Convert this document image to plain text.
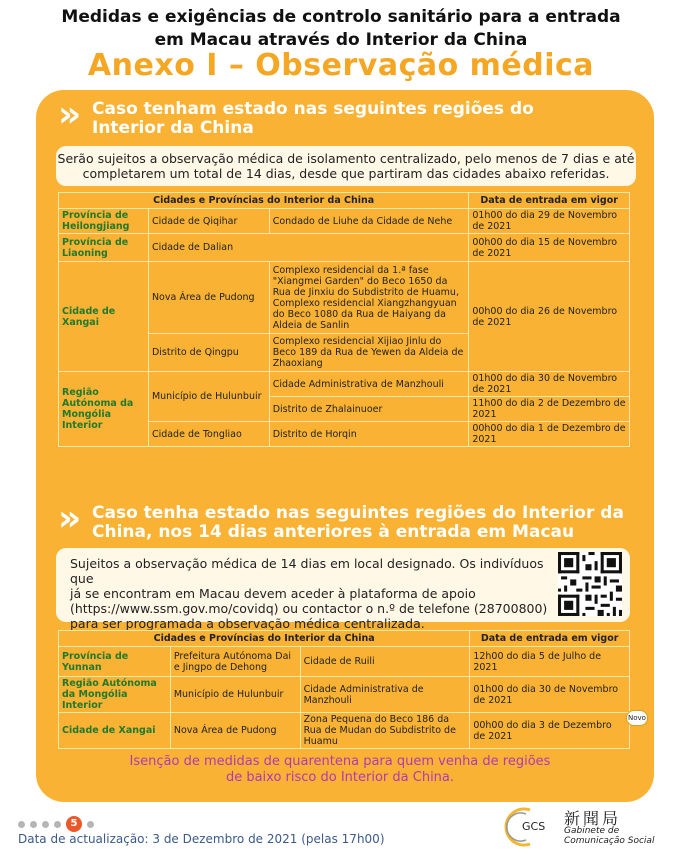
Medidas e exigências de controlo sanitário para a entrada
em Macau através do Interior da China
Anexo I – Observação médica
»	Caso tenham estado nas seguintes regiões do
Interior da China
Serão sujeitos a observação médica de isolamento centralizado, pelo menos de 7 dias e até
completarem um total de 14 dias, desde que partiram das cidades abaixo referidas.
Cidades e Províncias do Interior da China			Data de entrada em vigor
Província de Heilongjiang	Cidade de Qiqihar	Condado de Liuhe da Cidade de Nehe	01h00 do dia 29 de Novembro de 2021
Província de Liaoning	Cidade de Dalian		00h00 do dia 15 de Novembro de 2021
Cidade de Xangai	Nova Área de Pudong	Complexo residencial da 1.ª fase "Xiangmei Garden" do Beco 1650 da Rua de Jinxiu do Subdistrito de Huamu, Complexo residencial Xiangzhangyuan do Beco 1080 da Rua de Haiyang da Aldeia de Sanlin	00h00 do dia 26 de Novembro de 2021
	Distrito de Qingpu	Complexo residencial Xijiao Jinlu do Beco 189 da Rua de Yewen da Aldeia de Zhaoxiang	
Região Autónoma da Mongólia Interior	Município de Hulunbuir	Cidade Administrativa de Manzhouli	01h00 do dia 30 de Novembro de 2021
		Distrito de Zhalainuoer	11h00 do dia 2 de Dezembro de 2021
	Cidade de Tongliao	Distrito de Horqin	00h00 do dia 1 de Dezembro de 2021
»	Caso tenha estado nas seguintes regiões do Interior da
China, nos 14 dias anteriores à entrada em Macau
Sujeitos a observação médica de 14 dias em local designado. Os indivíduos que
já se encontram em Macau devem aceder à plataforma de apoio
(https://www.ssm.gov.mo/covidq) ou contactor o n.º de telefone (28700800)
para ser programada a observação médica centralizada.
Cidades e Províncias do Interior da China			Data de entrada em vigor
Província de Yunnan	Prefeitura Autónoma Dai e Jingpo de Dehong	Cidade de Ruili	12h00 do dia 5 de Julho de 2021
Região Autónoma da Mongólia Interior	Município de Hulunbuir	Cidade Administrativa de Manzhouli	01h00 do dia 30 de Novembro de 2021
Cidade de Xangai	Nova Área de Pudong	Zona Pequena do Beco 186 da Rua de Mudan do Subdistrito de Huamu	00h00 do dia 3 de Dezembro de 2021
Novo
Isenção de medidas de quarentena para quem venha de regiões
de baixo risco do Interior da China.
5
Data de actualização: 3 de Dezembro de 2021 (pelas 17h00)
GCS 新聞局
Gabinete de
Comunicação Social
